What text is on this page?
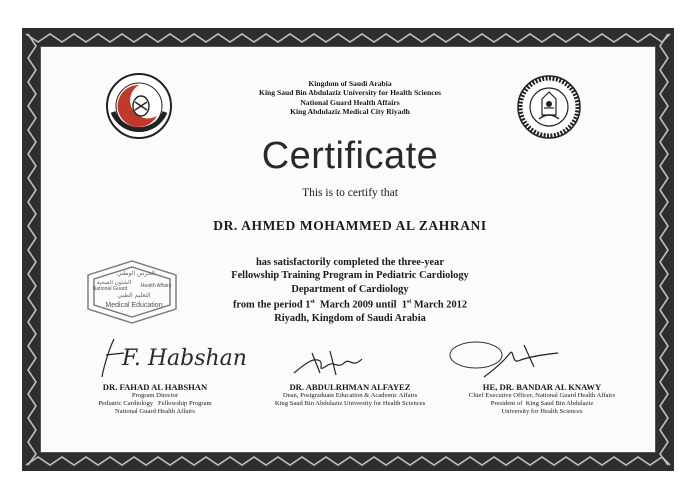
Kingdom of Saudi Arabia
King Saud Bin Abdulaziz University for Health Sciences
National Guard Health Affairs
King Abdulaziz Medical City Riyadh
Certificate
This is to certify that
DR. AHMED MOHAMMED AL ZAHRANI
has satisfactorily completed the three-year
Fellowship Training Program in Pediatric Cardiology
Department of Cardiology
from the period 1st  March 2009 until  1st March 2012
Riyadh, Kingdom of Saudi Arabia
الحرس الوطني
الشئون الصحية
National Guard	Health Affairs
التعليم الطبي
Medical Education
F. Habshan
DR. FAHAD AL HABSHAN
Program Director
Pediatric Cardiology   Fellowship Program
National Guard Health Affairs
DR. ABDULRHMAN ALFAYEZ
Dean, Postgraduate Education & Academic Affairs
King Saud Bin Abdulaziz University for Health Sciences
HE, DR. BANDAR AL KNAWY
Chief Executive Officer, National Guard Health Affairs
President of  King Saud Bin Abdulaziz
University for Health Sciences
